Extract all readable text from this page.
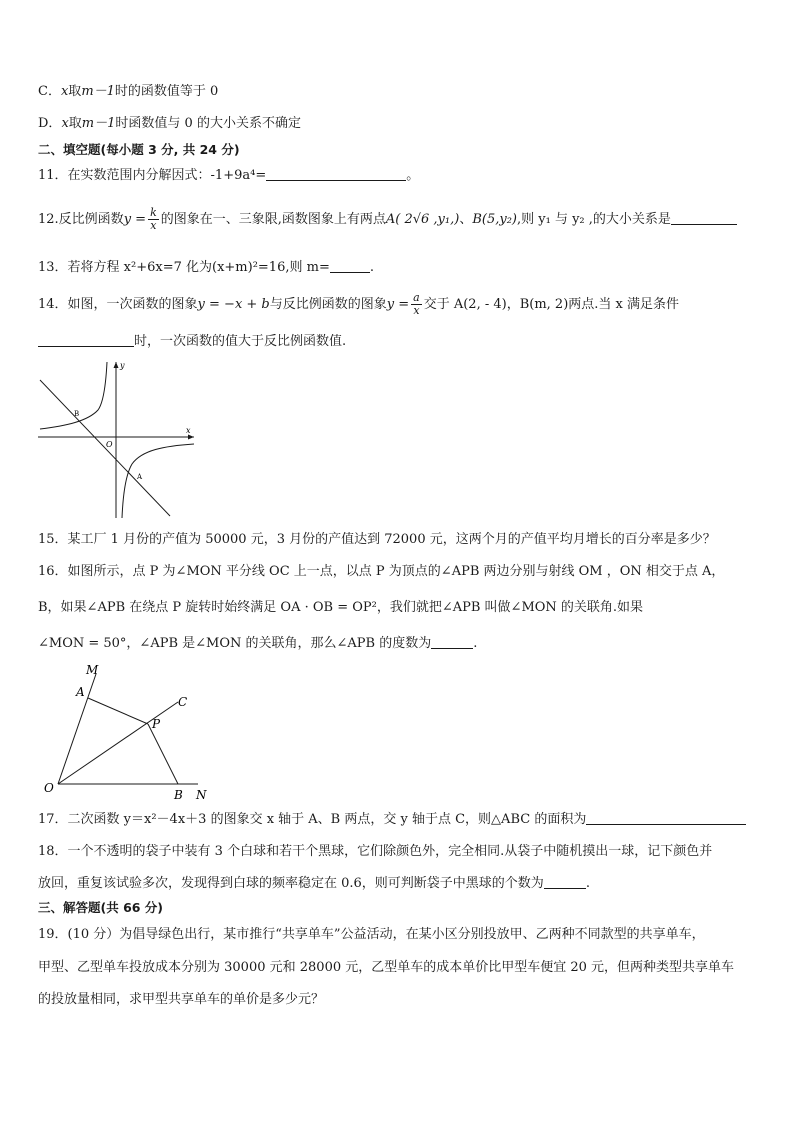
C．x取m－1时的函数值等于 0
D．x取m－1时函数值与 0 的大小关系不确定
二、填空题(每小题 3 分, 共 24 分)
11．在实数范围内分解因式：-1+9a⁴=	。
12.反比例函数$y = \frac{k}{x}$ 的图象在一、三象限,函数图象上有两点A( 2√6 ,y₁,)、B(5,y₂),则 y₁ 与 y₂ ,的大小关系是
13．若将方程 x²+6x=7 化为(x+m)²=16,则 m=	.
14．如图，一次函数的图象y = −x + b与反比例函数的图象$y = \frac{a}{x}$ 交于 A(2, - 4)，B(m, 2)两点.当 x 满足条件
时，一次函数的值大于反比例函数值.
y
x
O
A
B
15．某工厂 1 月份的产值为 50000 元，3 月份的产值达到 72000 元，这两个月的产值平均月增长的百分率是多少？
16．如图所示，点 P 为∠MON 平分线 OC 上一点，以点 P 为顶点的∠APB 两边分别与射线 OM ，ON 相交于点 A，
B，如果∠APB 在绕点 P 旋转时始终满足 OA · OB = OP²，我们就把∠APB 叫做∠MON 的关联角.如果
∠MON = 50°，∠APB 是∠MON 的关联角，那么∠APB 的度数为	.
M
A
C
P
O	B N
17．二次函数 y＝x²－4x＋3 的图象交 x 轴于 A、B 两点，交 y 轴于点 C，则△ABC 的面积为
18．一个不透明的袋子中装有 3 个白球和若干个黑球，它们除颜色外，完全相同.从袋子中随机摸出一球，记下颜色并
放回，重复该试验多次，发现得到白球的频率稳定在 0.6，则可判断袋子中黑球的个数为	.
三、解答题(共 66 分)
19．(10 分）为倡导绿色出行，某市推行“共享单车”公益活动，在某小区分别投放甲、乙两种不同款型的共享单车，
甲型、乙型单车投放成本分别为 30000 元和 28000 元，乙型单车的成本单价比甲型车便宜 20 元，但两种类型共享单车
的投放量相同，求甲型共享单车的单价是多少元？
